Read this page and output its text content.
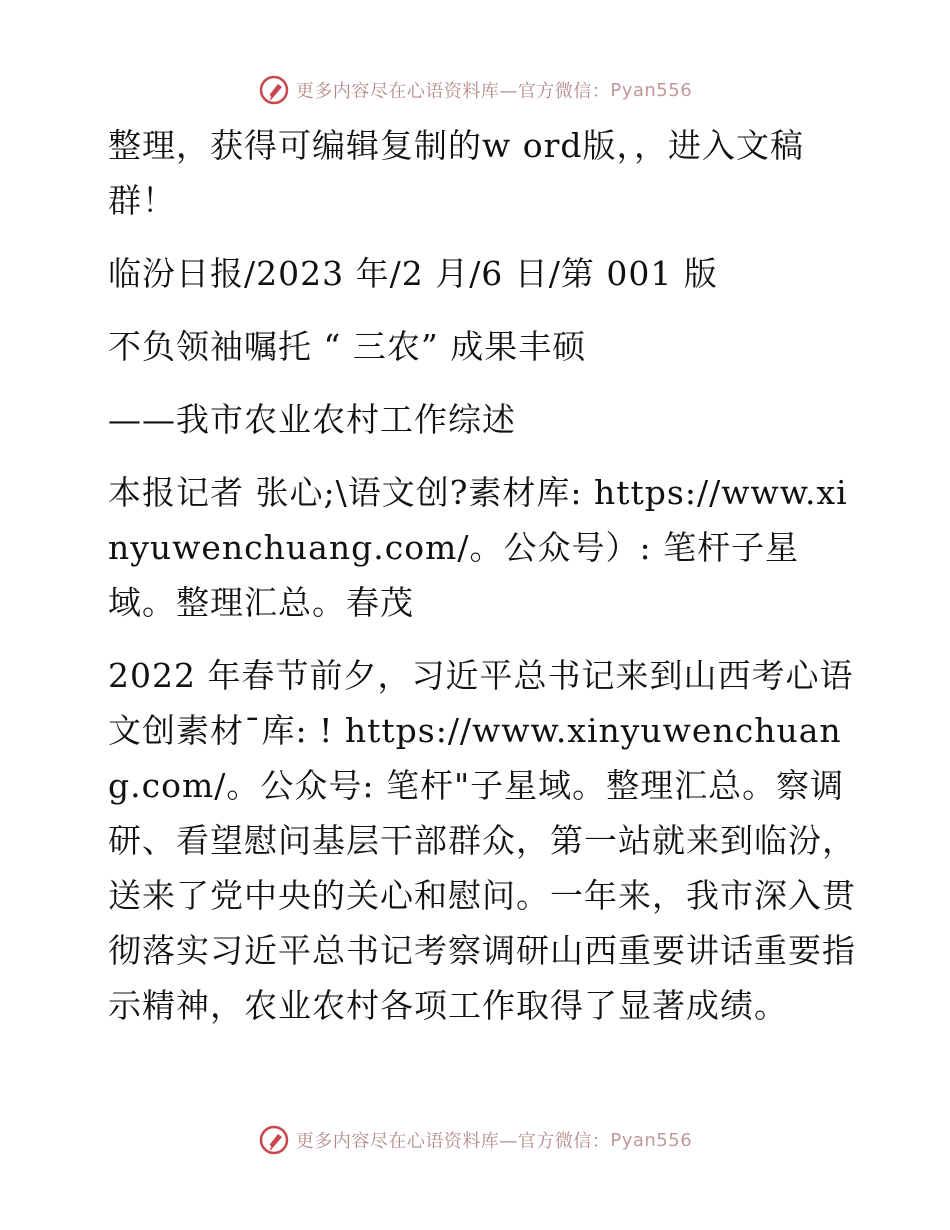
更多内容尽在心语资料库—官方微信： Pyan556

整理，获得可编辑复制的w ord版，，进入文稿群！

临汾日报/2023 年/2 月/6 日/第 001 版

不负领袖嘱托 “ 三农” 成果丰硕

——我市农业农村工作综述

本报记者 张心;\语文创?素材库: https://www.xinyuwenchuang.com/。公众号）: 笔杆子星域。整理汇总。春茂

2022 年春节前夕，习近平总书记来到山西考心语文创素材¯库: ! https://www.xinyuwenchuang.com/。公众号: 笔杆"子星域。整理汇总。察调研、看望慰问基层干部群众，第一站就来到临汾，送来了党中央的关心和慰问。一年来，我市深入贯彻落实习近平总书记考察调研山西重要讲话重要指示精神，农业农村各项工作取得了显著成绩。

更多内容尽在心语资料库—官方微信： Pyan556
